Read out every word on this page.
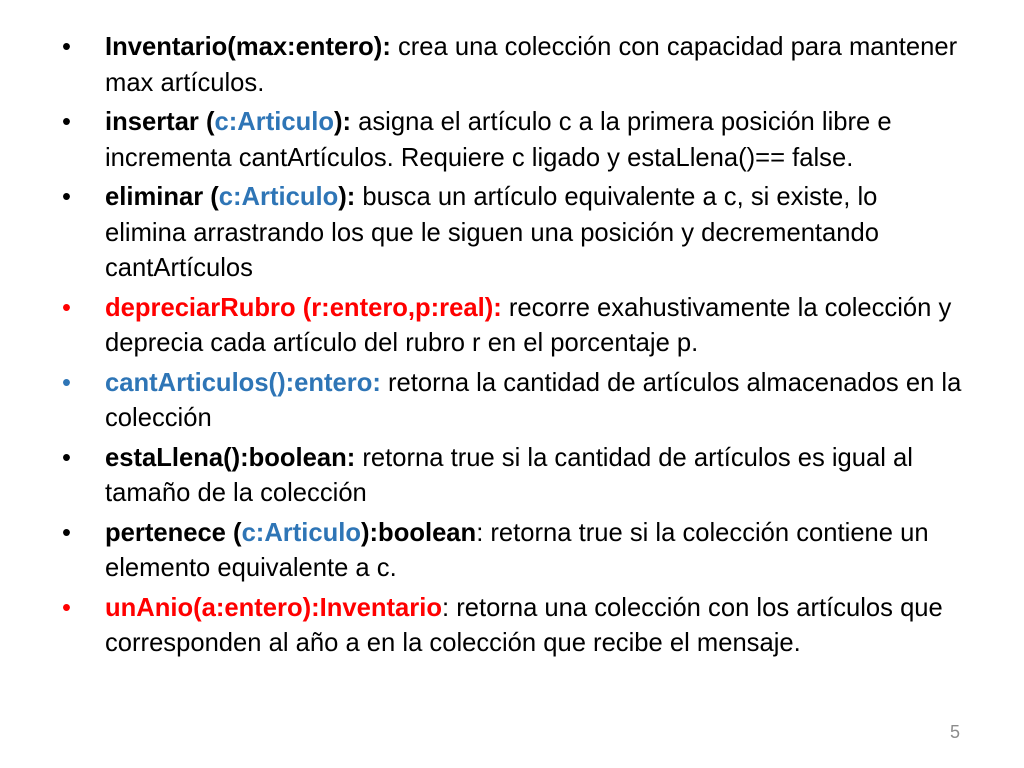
•	Inventario(max:entero): crea una colección con capacidad para mantener max artículos.
•	insertar (c:Articulo): asigna el artículo c a la primera posición libre e incrementa cantArtículos. Requiere c ligado y estaLlena()== false.
•	eliminar (c:Articulo): busca un artículo equivalente a c, si existe, lo elimina arrastrando los que le siguen una posición y decrementando cantArtículos
•	depreciarRubro (r:entero,p:real): recorre exahustivamente la colección y deprecia cada artículo del rubro r en el porcentaje p.
•	cantArticulos():entero: retorna la cantidad de artículos almacenados en la colección
•	estaLlena():boolean: retorna true si la cantidad de artículos es igual al tamaño de la colección
•	pertenece (c:Articulo):boolean: retorna true si la colección contiene un elemento equivalente a c.
•	unAnio(a:entero):Inventario: retorna una colección con los artículos que corresponden al año a en la colección que recibe el mensaje.
5
